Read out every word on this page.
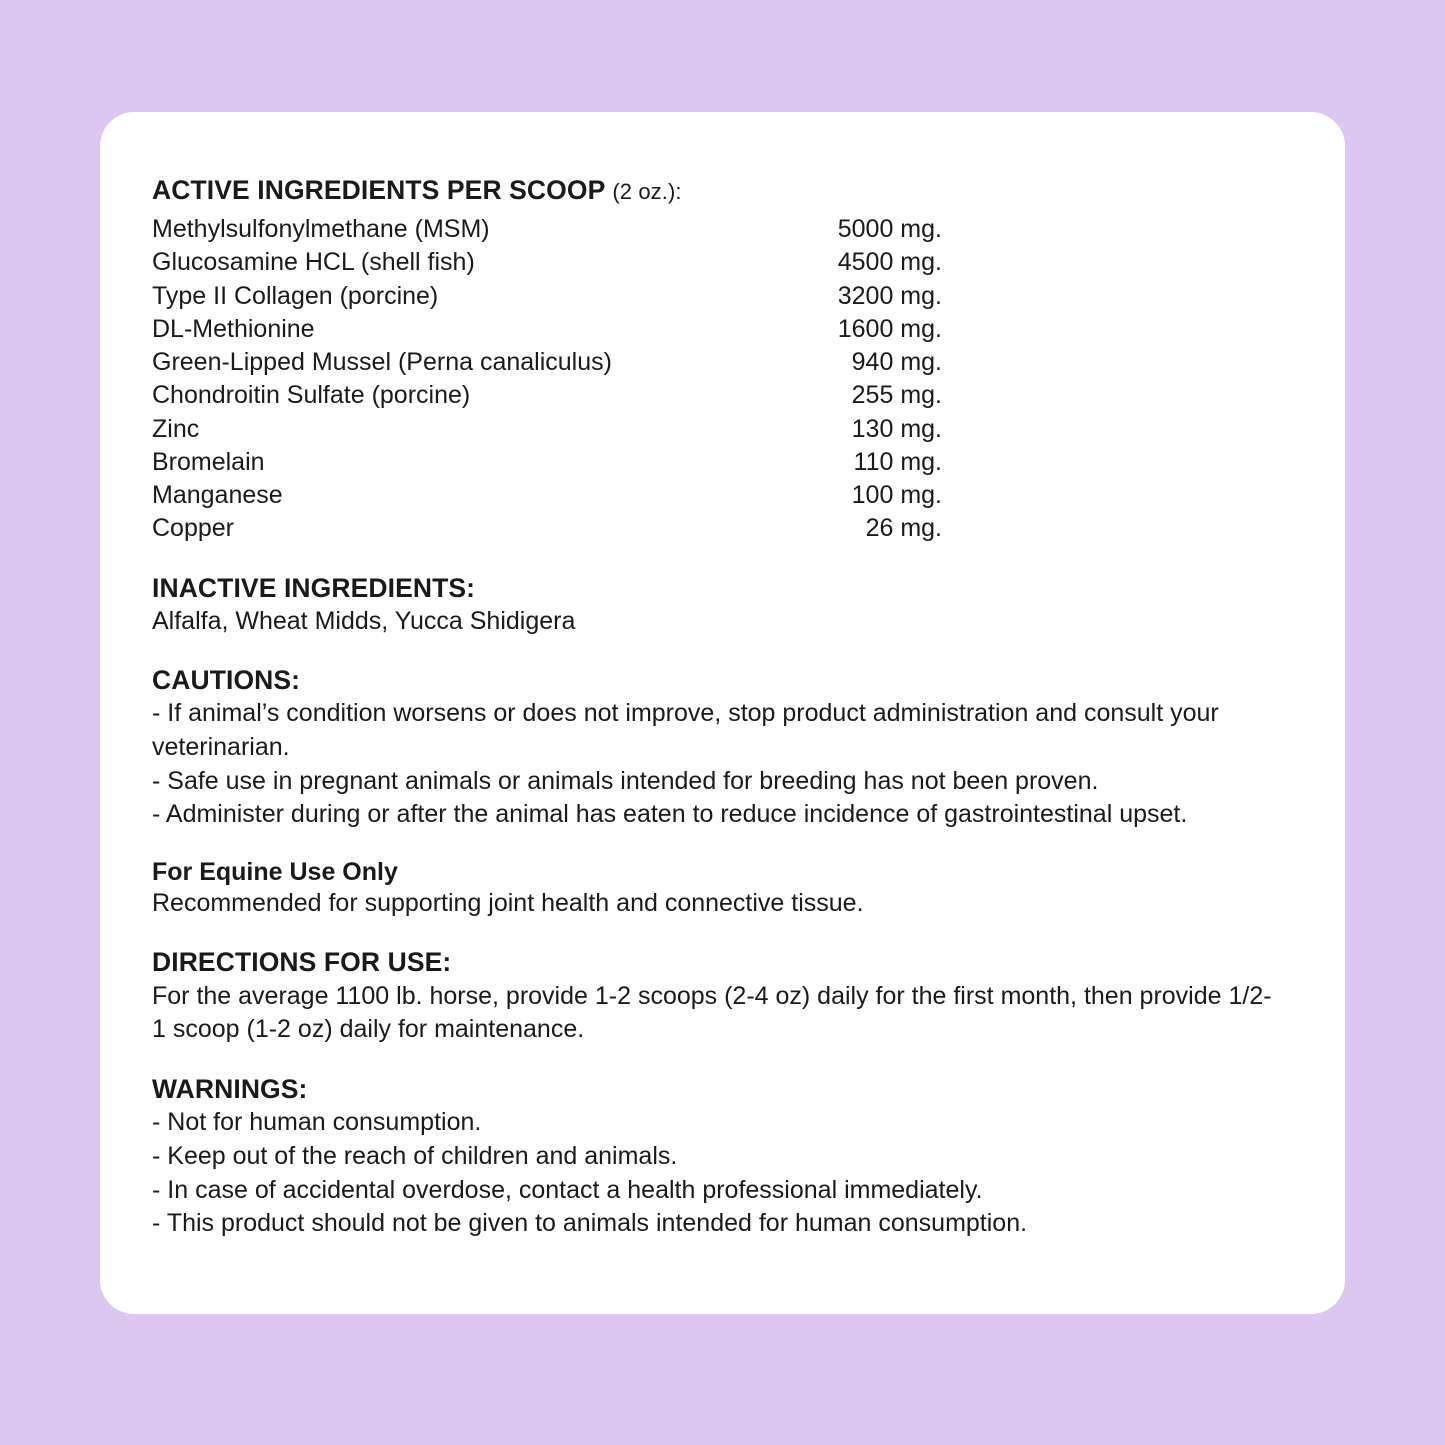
ACTIVE INGREDIENTS PER SCOOP (2 oz.):
Methylsulfonylmethane (MSM)	5000 mg.
Glucosamine HCL (shell fish)	4500 mg.
Type II Collagen (porcine)	3200 mg.
DL-Methionine	1600 mg.
Green-Lipped Mussel (Perna canaliculus)	940 mg.
Chondroitin Sulfate (porcine)	255 mg.
Zinc	130 mg.
Bromelain	110 mg.
Manganese	100 mg.
Copper	26 mg.
INACTIVE INGREDIENTS:
Alfalfa, Wheat Midds, Yucca Shidigera
CAUTIONS:
- If animal’s condition worsens or does not improve, stop product administration and consult your veterinarian.
- Safe use in pregnant animals or animals intended for breeding has not been proven.
- Administer during or after the animal has eaten to reduce incidence of gastrointestinal upset.
For Equine Use Only
Recommended for supporting joint health and connective tissue.
DIRECTIONS FOR USE:
For the average 1100 lb. horse, provide 1-2 scoops (2-4 oz) daily for the first month, then provide 1/2-1 scoop (1-2 oz) daily for maintenance.
WARNINGS:
- Not for human consumption.
- Keep out of the reach of children and animals.
- In case of accidental overdose, contact a health professional immediately.
- This product should not be given to animals intended for human consumption.
